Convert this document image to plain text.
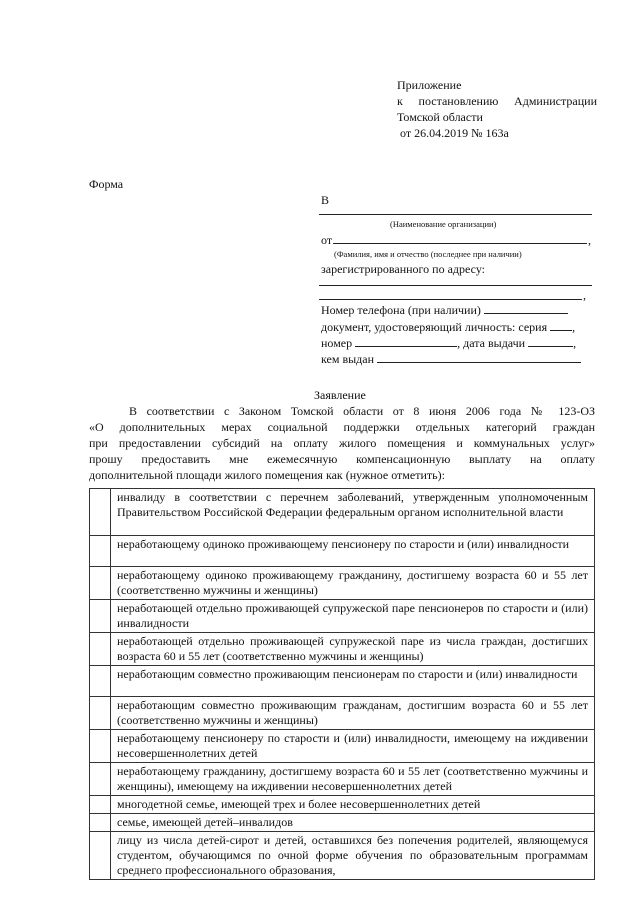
Приложение
к постановлению Администрации
Томской области
от 26.04.2019 № 163а
Форма
В
(Наименование организации)
от	,
(Фамилия, имя и отчество (последнее при наличии)
зарегистрированного по адресу:
,
Номер телефона (при наличии)
документ, удостоверяющий личность: серия ,
номер	, дата выдачи	,
кем выдан
Заявление
В соответствии с Законом Томской области от 8 июня 2006 года № 123-ОЗ
«О дополнительных мерах социальной поддержки отдельных категорий граждан
при предоставлении субсидий на оплату жилого помещения и коммунальных услуг»
прошу предоставить мне ежемесячную компенсационную выплату на оплату
дополнительной площади жилого помещения как (нужное отметить):
	инвалиду в соответствии с перечнем заболеваний, утвержденным уполномоченным Правительством Российской Федерации федеральным органом исполнительной власти
	неработающему одиноко проживающему пенсионеру по старости и (или) инвалидности
	неработающему одиноко проживающему гражданину, достигшему возраста 60 и 55 лет (соответственно мужчины и женщины)
	неработающей отдельно проживающей супружеской паре пенсионеров по старости и (или) инвалидности
	неработающей отдельно проживающей супружеской паре из числа граждан, достигших возраста 60 и 55 лет (соответственно мужчины и женщины)
	неработающим совместно проживающим пенсионерам по старости и (или) инвалидности
	неработающим совместно проживающим гражданам, достигшим возраста 60 и 55 лет (соответственно мужчины и женщины)
	неработающему пенсионеру по старости и (или) инвалидности, имеющему на иждивении несовершеннолетних детей
	неработающему гражданину, достигшему возраста 60 и 55 лет (соответственно мужчины и женщины), имеющему на иждивении несовершеннолетних детей
	многодетной семье, имеющей трех и более несовершеннолетних детей
	семье, имеющей детей–инвалидов
	лицу из числа детей-сирот и детей, оставшихся без попечения родителей, являющемуся студентом, обучающимся по очной форме обучения по образовательным программам среднего профессионального образования,
